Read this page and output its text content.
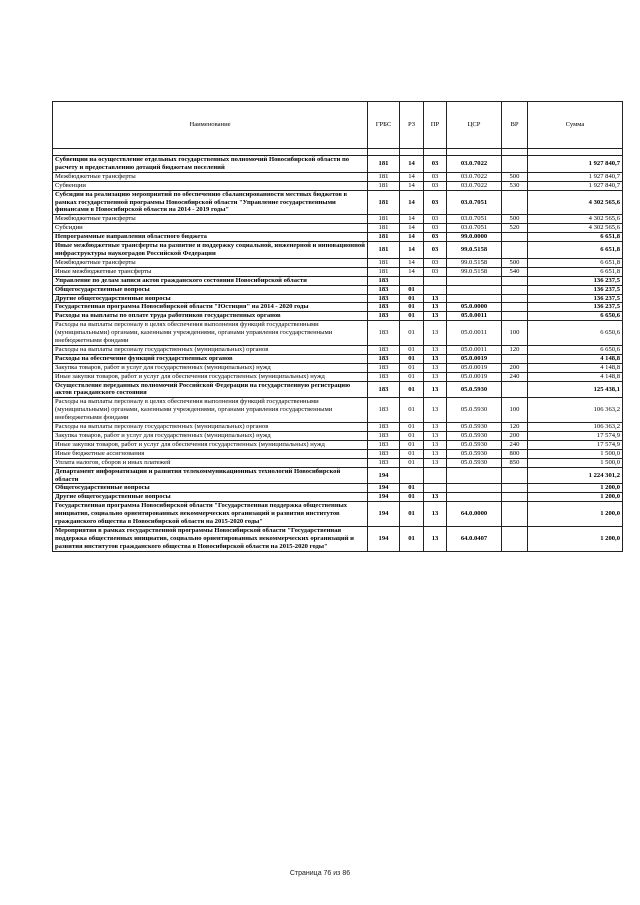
Наименование	ГРБС	РЗ	ПР	ЦСР	ВР	Сумма

Субвенции на осуществление отдельных государственных полномочий Новосибирской области по расчету и предоставлению дотаций бюджетам поселений	181	14	03	03.0.7022		1 927 840,7
Межбюджетные трансферты	181	14	03	03.0.7022	500	1 927 840,7
Субвенции	181	14	03	03.0.7022	530	1 927 840,7
Субсидии на реализацию мероприятий по обеспечению сбалансированности местных бюджетов в рамках государственной программы Новосибирской области "Управление государственными финансами в Новосибирской области на 2014 - 2019 годы"	181	14	03	03.0.7051		4 302 565,6
Межбюджетные трансферты	181	14	03	03.0.7051	500	4 302 565,6
Субсидии	181	14	03	03.0.7051	520	4 302 565,6
Непрограммные направления областного бюджета	181	14	03	99.0.0000		6 651,8
Иные межбюджетные трансферты на развитие и поддержку социальной, инженерной и инновационной инфраструктуры наукоградов Российской Федерации	181	14	03	99.0.5158		6 651,8
Межбюджетные трансферты	181	14	03	99.0.5158	500	6 651,8
Иные межбюджетные трансферты	181	14	03	99.0.5158	540	6 651,8
Управление по делам записи актов гражданского состояния Новосибирской области	183					136 237,5
Общегосударственные вопросы	183	01				136 237,5
Другие общегосударственные вопросы	183	01	13			136 237,5
Государственная программа Новосибирской области "Юстиция" на 2014 - 2020 годы	183	01	13	05.0.0000		136 237,5
Расходы на выплаты по оплате труда работников государственных органов	183	01	13	05.0.0011		6 650,6
Расходы на выплаты персоналу в целях обеспечения выполнения функций государственными (муниципальными) органами, казенными учреждениями, органами управления государственными внебюджетными фондами	183	01	13	05.0.0011	100	6 650,6
Расходы на выплаты персоналу государственных (муниципальных) органов	183	01	13	05.0.0011	120	6 650,6
Расходы на обеспечение функций государственных органов	183	01	13	05.0.0019		4 148,8
Закупка товаров, работ и услуг для государственных (муниципальных) нужд	183	01	13	05.0.0019	200	4 148,8
Иные закупки товаров, работ и услуг для обеспечения государственных (муниципальных) нужд	183	01	13	05.0.0019	240	4 148,8
Осуществление переданных полномочий Российской Федерации на государственную регистрацию актов гражданского состояния	183	01	13	05.0.5930		125 438,1
Расходы на выплаты персоналу в целях обеспечения выполнения функций государственными (муниципальными) органами, казенными учреждениями, органами управления государственными внебюджетными фондами	183	01	13	05.0.5930	100	106 363,2
Расходы на выплаты персоналу государственных (муниципальных) органов	183	01	13	05.0.5930	120	106 363,2
Закупка товаров, работ и услуг для государственных (муниципальных) нужд	183	01	13	05.0.5930	200	17 574,9
Иные закупки товаров, работ и услуг для обеспечения государственных (муниципальных) нужд	183	01	13	05.0.5930	240	17 574,9
Иные бюджетные ассигнования	183	01	13	05.0.5930	800	1 500,0
Уплата налогов, сборов и иных платежей	183	01	13	05.0.5930	850	1 500,0
Департамент информатизации и развития телекоммуникационных технологий Новосибирской области	194					1 224 301,2
Общегосударственные вопросы	194	01				1 200,0
Другие общегосударственные вопросы	194	01	13			1 200,0
Государственная программа Новосибирской области "Государственная поддержка общественных инициатив, социально ориентированных некоммерческих организаций и развития институтов гражданского общества в Новосибирской области на 2015-2020 годы"	194	01	13	64.0.0000		1 200,0
Мероприятия в рамках государственной программы Новосибирской области "Государственная поддержка общественных инициатив, социально ориентированных некоммерческих организаций и развития институтов гражданского общества в Новосибирской области на 2015-2020 годы"	194	01	13	64.0.0407		1 200,0
Страница 76 из 86
